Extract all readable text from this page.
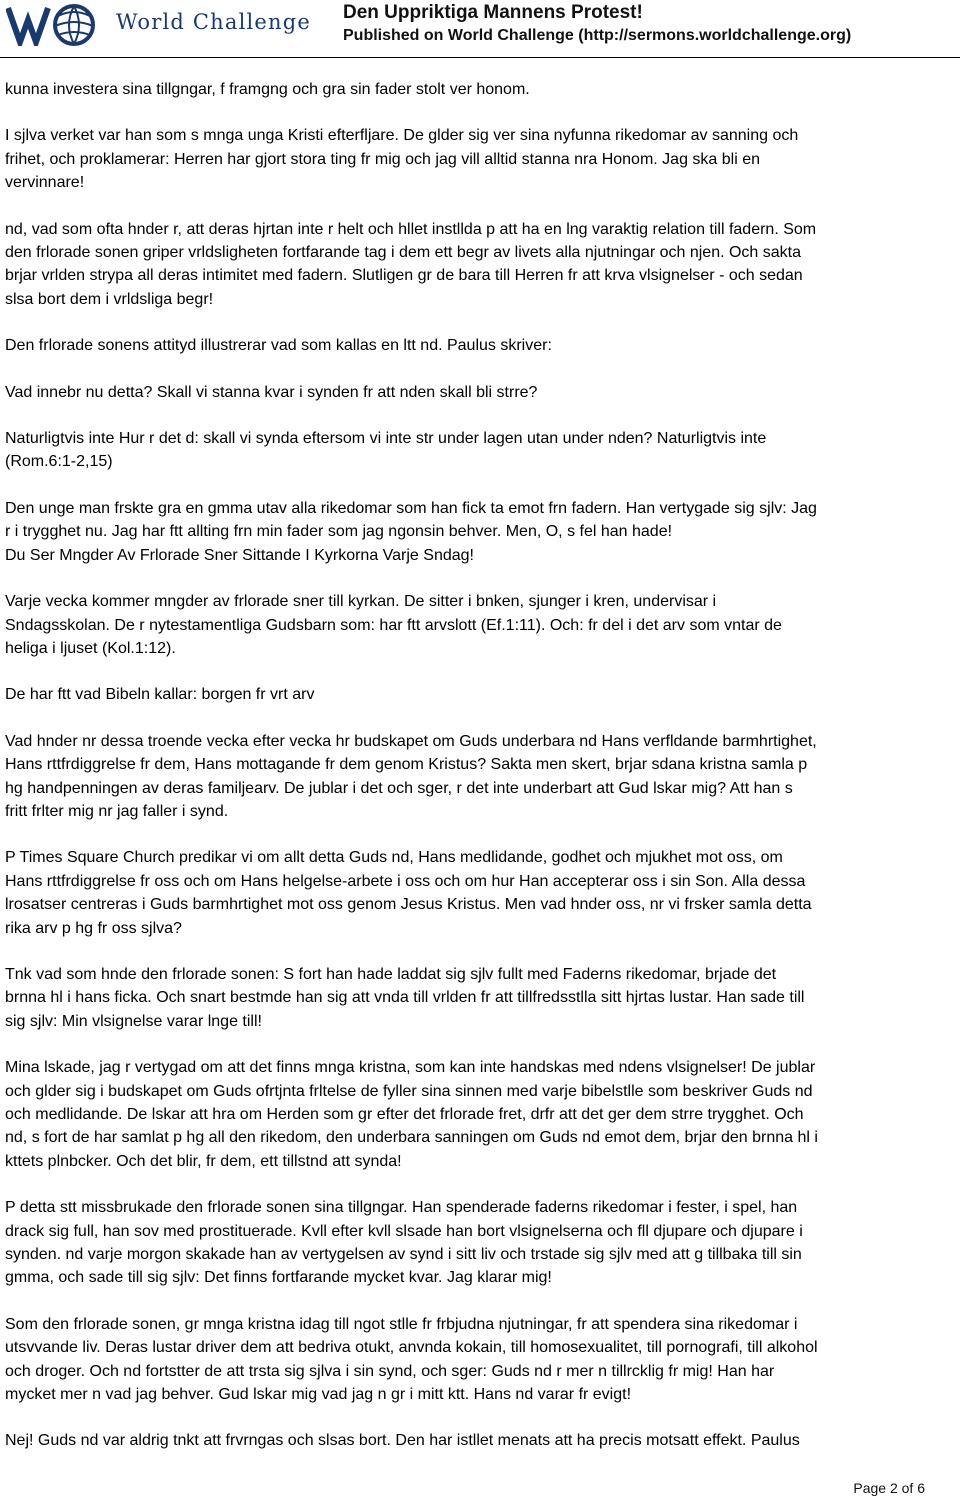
World Challenge Den Uppriktiga Mannens Protest!
Published on World Challenge (http://sermons.worldchallenge.org)

kunna investera sina tillgngar, f framgng och gra sin fader stolt ver honom.

I sjlva verket var han som s mnga unga Kristi efterfljare. De glder sig ver sina nyfunna rikedomar av sanning och
frihet, och proklamerar: Herren har gjort stora ting fr mig och jag vill alltid stanna nra Honom. Jag ska bli en
vervinnare!

nd, vad som ofta hnder r, att deras hjrtan inte r helt och hllet instllda p att ha en lng varaktig relation till fadern. Som
den frlorade sonen griper vrldsligheten fortfarande tag i dem ett begr av livets alla njutningar och njen. Och sakta
brjar vrlden strypa all deras intimitet med fadern. Slutligen gr de bara till Herren fr att krva vlsignelser - och sedan
slsa bort dem i vrldsliga begr!

Den frlorade sonens attityd illustrerar vad som kallas en ltt nd. Paulus skriver:

Vad innebr nu detta? Skall vi stanna kvar i synden fr att nden skall bli strre?

Naturligtvis inte Hur r det d: skall vi synda eftersom vi inte str under lagen utan under nden? Naturligtvis inte
(Rom.6:1-2,15)

Den unge man frskte gra en gmma utav alla rikedomar som han fick ta emot frn fadern. Han vertygade sig sjlv: Jag
r i trygghet nu. Jag har ftt allting frn min fader som jag ngonsin behver. Men, O, s fel han hade!
Du Ser Mngder Av Frlorade Sner Sittande I Kyrkorna Varje Sndag!

Varje vecka kommer mngder av frlorade sner till kyrkan. De sitter i bnken, sjunger i kren, undervisar i
Sndagsskolan. De r nytestamentliga Gudsbarn som: har ftt arvslott (Ef.1:11). Och: fr del i det arv som vntar de
heliga i ljuset (Kol.1:12).

De har ftt vad Bibeln kallar: borgen fr vrt arv

Vad hnder nr dessa troende vecka efter vecka hr budskapet om Guds underbara nd Hans verfldande barmhrtighet,
Hans rttfrdiggrelse fr dem, Hans mottagande fr dem genom Kristus? Sakta men skert, brjar sdana kristna samla p
hg handpenningen av deras familjearv. De jublar i det och sger, r det inte underbart att Gud lskar mig? Att han s
fritt frlter mig nr jag faller i synd.

P Times Square Church predikar vi om allt detta Guds nd, Hans medlidande, godhet och mjukhet mot oss, om
Hans rttfrdiggrelse fr oss och om Hans helgelse-arbete i oss och om hur Han accepterar oss i sin Son. Alla dessa
lrosatser centreras i Guds barmhrtighet mot oss genom Jesus Kristus. Men vad hnder oss, nr vi frsker samla detta
rika arv p hg fr oss sjlva?

Tnk vad som hnde den frlorade sonen: S fort han hade laddat sig sjlv fullt med Faderns rikedomar, brjade det
brnna hl i hans ficka. Och snart bestmde han sig att vnda till vrlden fr att tillfredsstlla sitt hjrtas lustar. Han sade till
sig sjlv: Min vlsignelse varar lnge till!

Mina lskade, jag r vertygad om att det finns mnga kristna, som kan inte handskas med ndens vlsignelser! De jublar
och glder sig i budskapet om Guds ofrtjnta frltelse de fyller sina sinnen med varje bibelstlle som beskriver Guds nd
och medlidande. De lskar att hra om Herden som gr efter det frlorade fret, drfr att det ger dem strre trygghet. Och
nd, s fort de har samlat p hg all den rikedom, den underbara sanningen om Guds nd emot dem, brjar den brnna hl i
kttets plnbcker. Och det blir, fr dem, ett tillstnd att synda!

P detta stt missbrukade den frlorade sonen sina tillgngar. Han spenderade faderns rikedomar i fester, i spel, han
drack sig full, han sov med prostituerade. Kvll efter kvll slsade han bort vlsignelserna och fll djupare och djupare i
synden. nd varje morgon skakade han av vertygelsen av synd i sitt liv och trstade sig sjlv med att g tillbaka till sin
gmma, och sade till sig sjlv: Det finns fortfarande mycket kvar. Jag klarar mig!

Som den frlorade sonen, gr mnga kristna idag till ngot stlle fr frbjudna njutningar, fr att spendera sina rikedomar i
utsvvande liv. Deras lustar driver dem att bedriva otukt, anvnda kokain, till homosexualitet, till pornografi, till alkohol
och droger. Och nd fortstter de att trsta sig sjlva i sin synd, och sger: Guds nd r mer n tillrcklig fr mig! Han har
mycket mer n vad jag behver. Gud lskar mig vad jag n gr i mitt ktt. Hans nd varar fr evigt!

Nej! Guds nd var aldrig tnkt att frvrngas och slsas bort. Den har istllet menats att ha precis motsatt effekt. Paulus

Page 2 of 6
